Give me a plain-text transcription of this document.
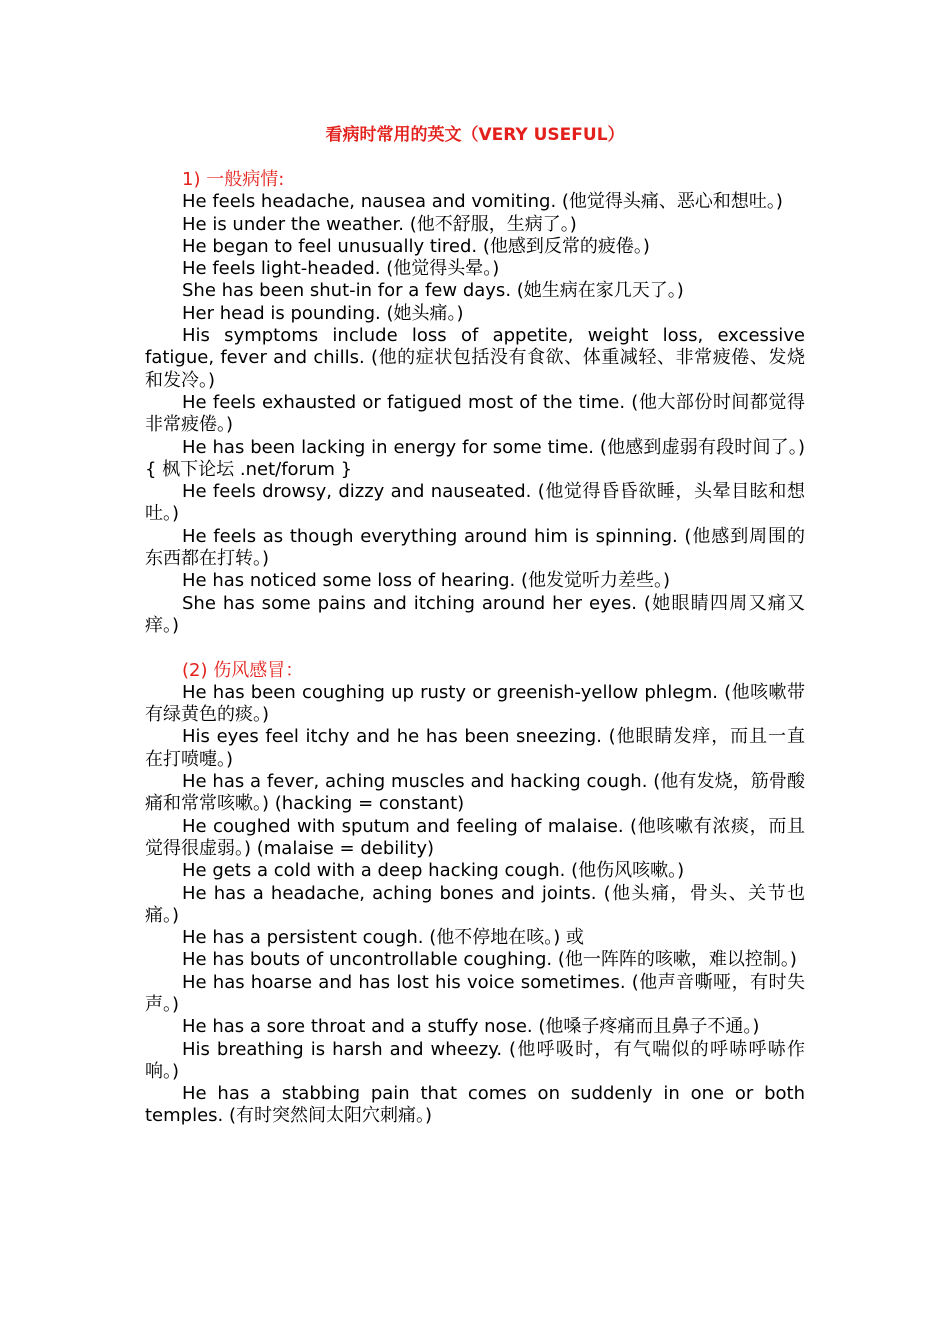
看病时常用的英文（VERY USEFUL）

1) 一般病情:

He feels headache, nausea and vomiting. (他觉得头痛、恶心和想吐。)

He is under the weather. (他不舒服，生病了。)

He began to feel unusually tired. (他感到反常的疲倦。)

He feels light-headed. (他觉得头晕。)

She has been shut-in for a few days. (她生病在家几天了。)

Her head is pounding. (她头痛。)

His symptoms include loss of appetite, weight loss, excessive fatigue, fever and chills. (他的症状包括没有食欲、体重减轻、非常疲倦、发烧和发冷。)

He feels exhausted or fatigued most of the time. (他大部份时间都觉得非常疲倦。)

He has been lacking in energy for some time. (他感到虚弱有段时间了。) { 枫下论坛 .net/forum }

He feels drowsy, dizzy and nauseated. (他觉得昏昏欲睡，头晕目眩和想吐。)

He feels as though everything around him is spinning. (他感到周围的东西都在打转。)

He has noticed some loss of hearing. (他发觉听力差些。)

She has some pains and itching around her eyes. (她眼睛四周又痛又痒。)

(2) 伤风感冒：

He has been coughing up rusty or greenish-yellow phlegm. (他咳嗽带有绿黄色的痰。)

His eyes feel itchy and he has been sneezing. (他眼睛发痒，而且一直在打喷嚏。)

He has a fever, aching muscles and hacking cough. (他有发烧，筋骨酸痛和常常咳嗽。) (hacking = constant)

He coughed with sputum and feeling of malaise. (他咳嗽有浓痰，而且觉得很虚弱。) (malaise = debility)

He gets a cold with a deep hacking cough. (他伤风咳嗽。)

He has a headache, aching bones and joints. (他头痛，骨头、关节也痛。)

He has a persistent cough. (他不停地在咳。) 或

He has bouts of uncontrollable coughing. (他一阵阵的咳嗽，难以控制。)

He has hoarse and has lost his voice sometimes. (他声音嘶哑，有时失声。)

He has a sore throat and a stuffy nose. (他嗓子疼痛而且鼻子不通。)

His breathing is harsh and wheezy. (他呼吸时，有气喘似的呼哧呼哧作响。)

He has a stabbing pain that comes on suddenly in one or both temples. (有时突然间太阳穴刺痛。)
